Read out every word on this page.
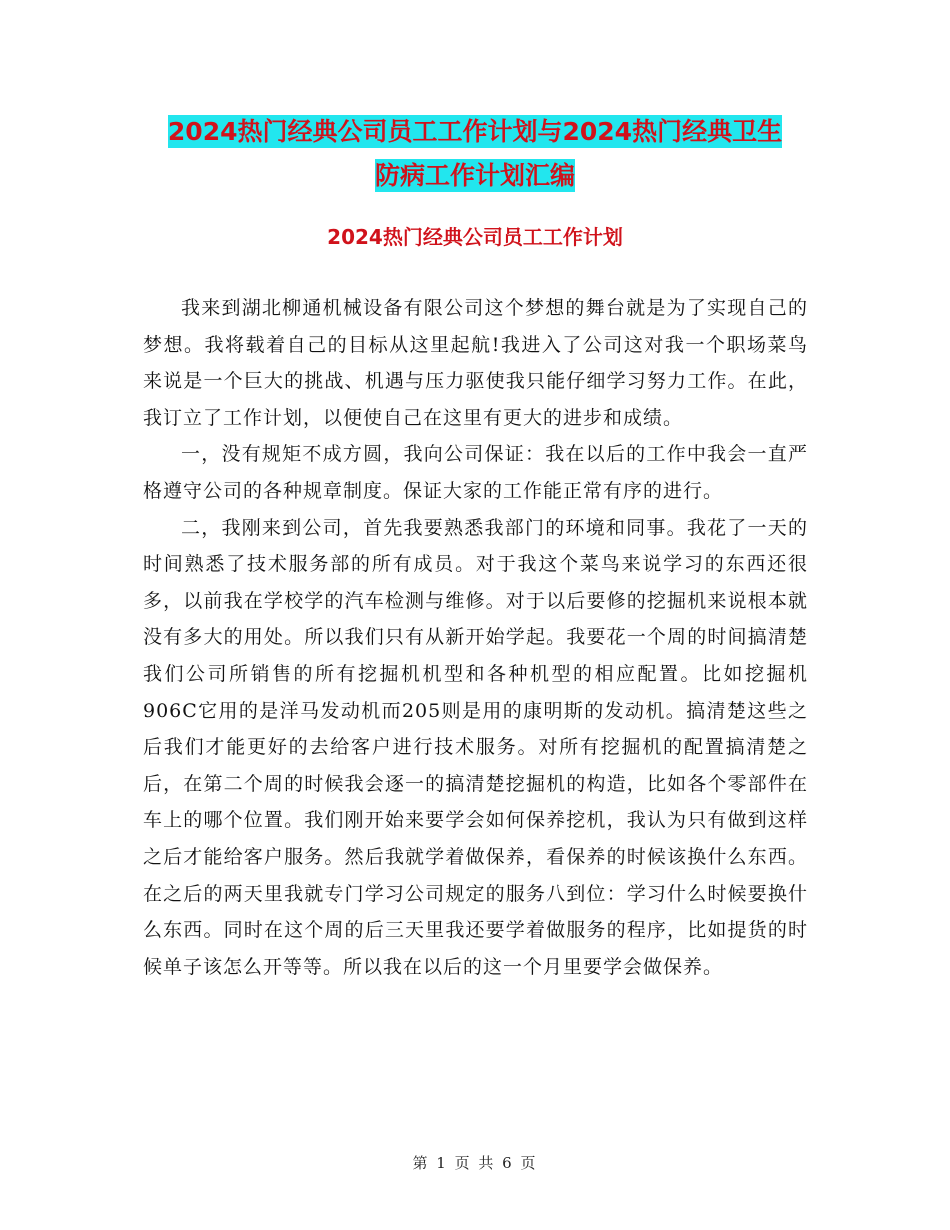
2024热门经典公司员工工作计划与2024热门经典卫生
防病工作计划汇编
2024热门经典公司员工工作计划

我来到湖北柳通机械设备有限公司这个梦想的舞台就是为了实现自己的梦想。我将载着自己的目标从这里起航!我进入了公司这对我一个职场菜鸟来说是一个巨大的挑战、机遇与压力驱使我只能仔细学习努力工作。在此，我订立了工作计划，以便使自己在这里有更大的进步和成绩。

一，没有规矩不成方圆，我向公司保证：我在以后的工作中我会一直严格遵守公司的各种规章制度。保证大家的工作能正常有序的进行。

二，我刚来到公司，首先我要熟悉我部门的环境和同事。我花了一天的时间熟悉了技术服务部的所有成员。对于我这个菜鸟来说学习的东西还很多，以前我在学校学的汽车检测与维修。对于以后要修的挖掘机来说根本就没有多大的用处。所以我们只有从新开始学起。我要花一个周的时间搞清楚我们公司所销售的所有挖掘机机型和各种机型的相应配置。比如挖掘机906C它用的是洋马发动机而205则是用的康明斯的发动机。搞清楚这些之后我们才能更好的去给客户进行技术服务。对所有挖掘机的配置搞清楚之后，在第二个周的时候我会逐一的搞清楚挖掘机的构造，比如各个零部件在车上的哪个位置。我们刚开始来要学会如何保养挖机，我认为只有做到这样之后才能给客户服务。然后我就学着做保养，看保养的时候该换什么东西。在之后的两天里我就专门学习公司规定的服务八到位：学习什么时候要换什么东西。同时在这个周的后三天里我还要学着做服务的程序，比如提货的时候单子该怎么开等等。所以我在以后的这一个月里要学会做保养。

第 1 页 共 6 页
